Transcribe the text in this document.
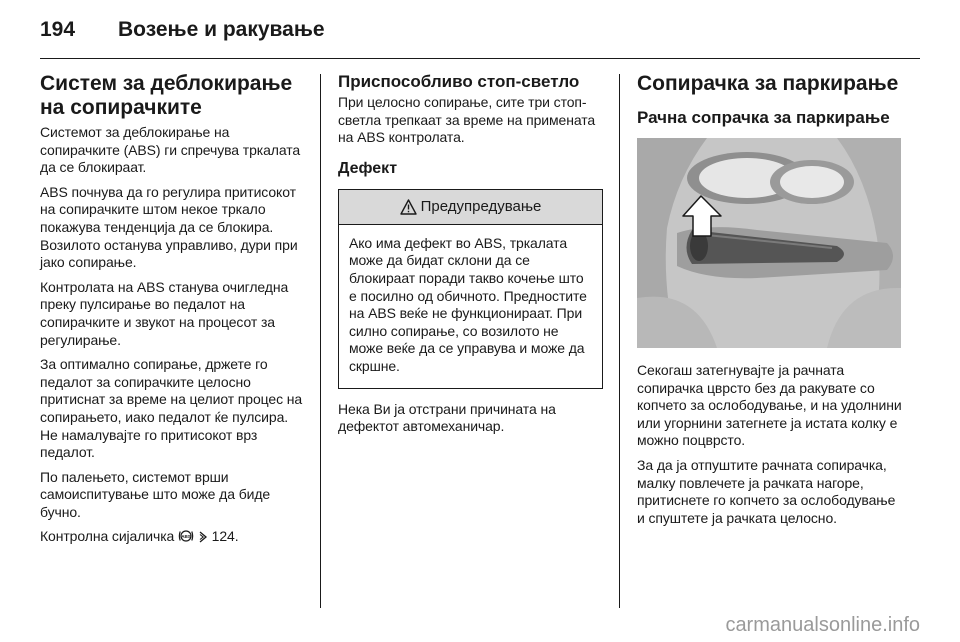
194 Возење и ракување
Систем за деблокирање
на сопирачките

Системот за деблокирање на сопирачките (ABS) ги спречува тркалата да се блокираат.

ABS почнува да го регулира притисокот на сопирачките штом некое тркало покажува тенденција да се блокира. Возилото останува управливо, дури при јако сопирање.

Контролата на ABS станува очигледна преку пулсирање во педалот на сопирачките и звукот на процесот за регулирање.

За оптимално сопирање, држете го педалот за сопирачките целосно притиснат за време на целиот процес на сопирањето, иако педалот ќе пулсира. Не намалувајте го притисокот врз педалот.

По палењето, системот врши самоиспитување што може да биде бучно.

Контролна сијаличка ABS 124.

Приспособливо стоп-светло

При целосно сопирање, сите три стоп-светла трепкаат за време на примената на ABS контролата.

Дефект
Предупредување

Ако има дефект во ABS, тркалата може да бидат склони да се блокираат поради такво кочење што е посилно од обичното. Предностите на ABS веќе не функционираат. При силно сопирање, со возилото не може веќе да се управува и може да скршне.

Нека Ви ја отстрани причината на дефектот автомеханичар.

Сопирачка за паркирање
Рачна сопрачка за паркирање

Секогаш затегнувајте ја рачната сопирачка цврсто без да ракувате со копчето за ослободување, и на удолнини или угорнини затегнете ја истата колку е можно поцврсто.

За да ја отпуштите рачната сопирачка, малку повлечете ја рачката нагоре, притиснете го копчето за ослободување и спуштете ја рачката целосно.

carmanualsonline.info
